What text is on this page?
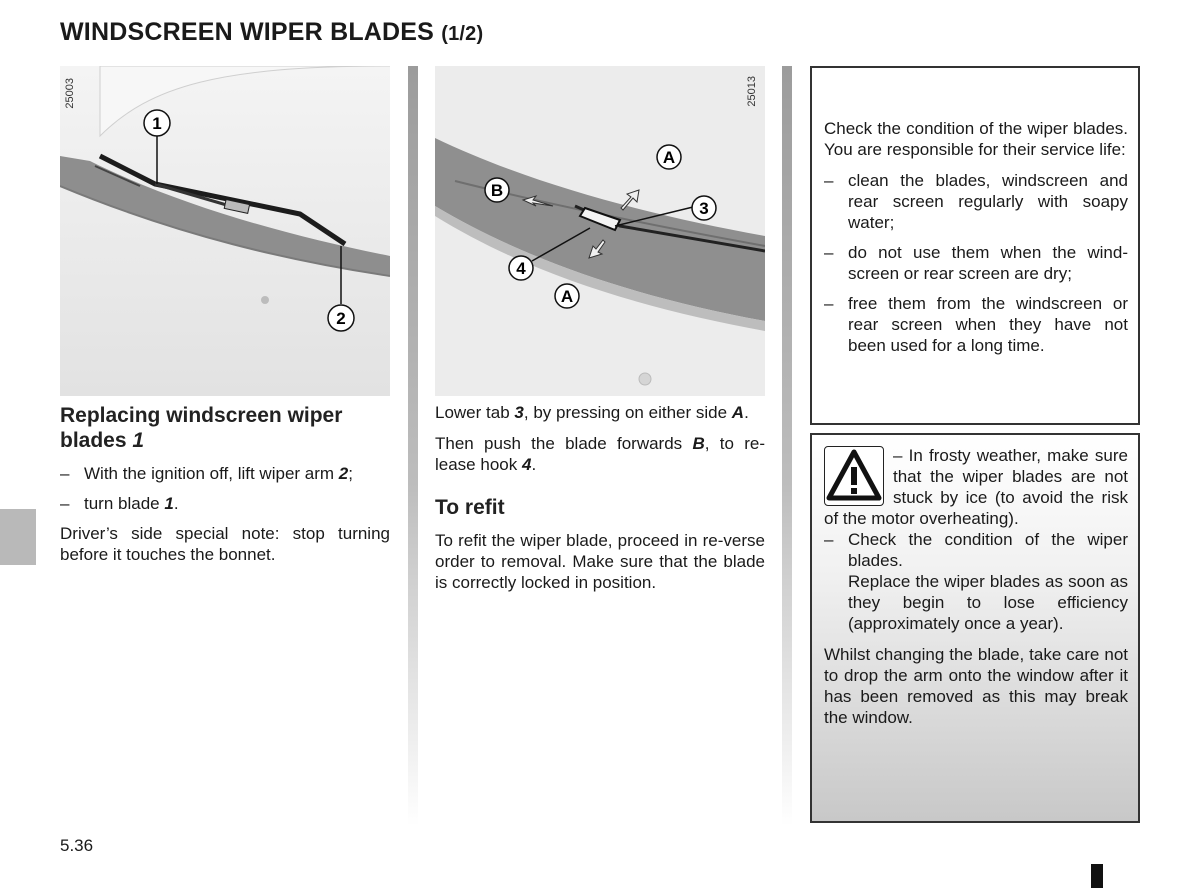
WINDSCREEN WIPER BLADES (1/2)
1
2
25003
A
B
3
4
A
25013
Replacing windscreen wiper blades 1
– With the ignition off, lift wiper arm 2;
– turn blade 1.

Driver’s side special note: stop turning before it touches the bonnet.

Lower tab 3, by pressing on either side A.

Then push the blade forwards B, to re-lease hook 4.

To refit

To refit the wiper blade, proceed in re-verse order to removal. Make sure that the blade is correctly locked in position.

Check the condition of the wiper blades. You are responsible for their service life:

– clean the blades, windscreen and rear screen regularly with soapy water;
– do not use them when the wind-screen or rear screen are dry;
– free them from the windscreen or rear screen when they have not been used for a long time.

– In frosty weather, make sure that the wiper blades are not stuck by ice (to avoid the risk of the motor overheating).

– Check the condition of the wiper blades.
Replace the wiper blades as soon as they begin to lose efficiency (approximately once a year).

Whilst changing the blade, take care not to drop the arm onto the window after it has been removed as this may break the window.

5.36
